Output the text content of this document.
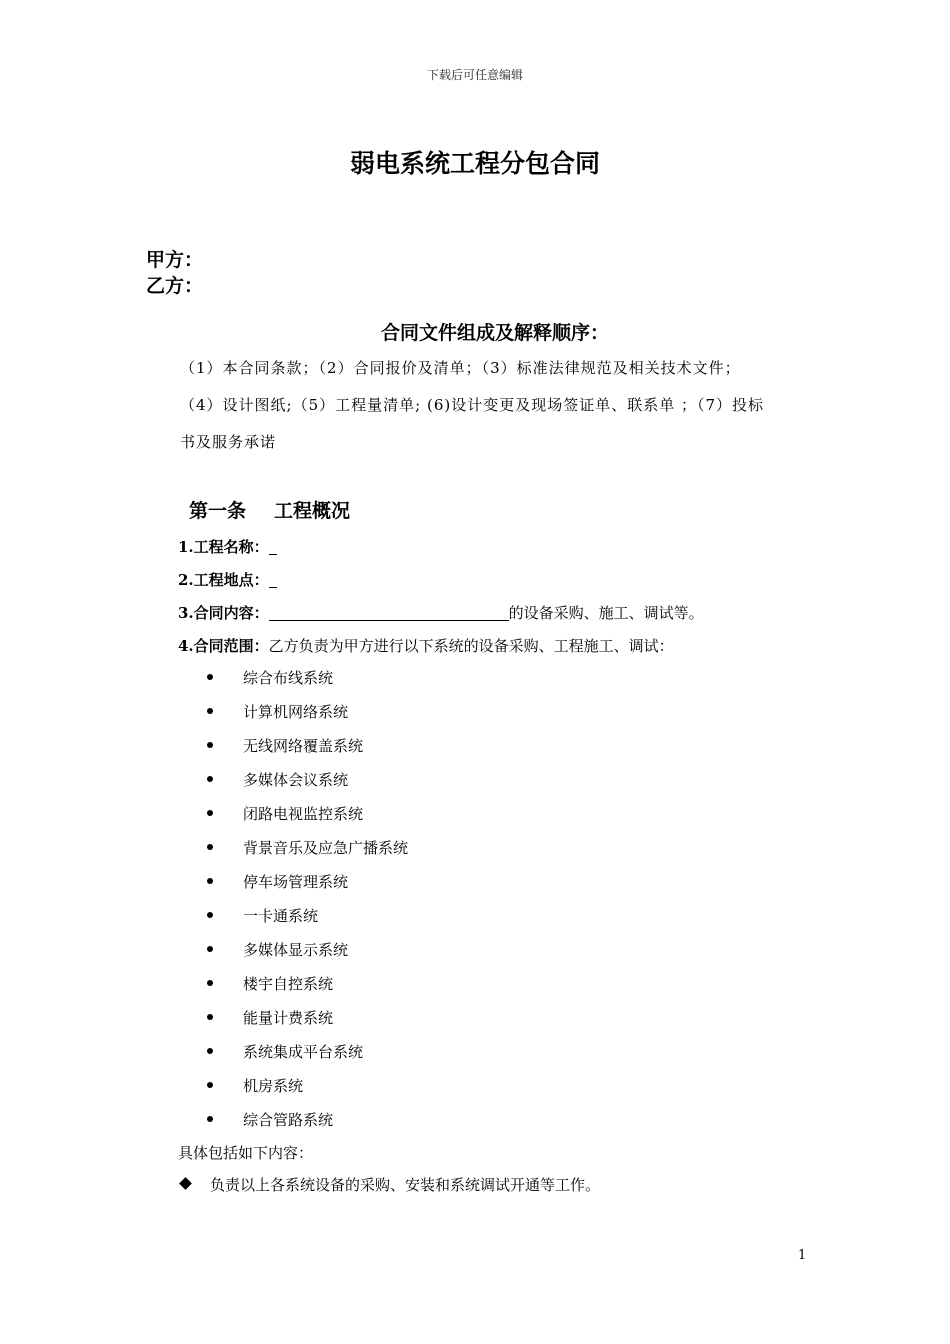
下载后可任意编辑
弱电系统工程分包合同
甲方：
乙方：
合同文件组成及解释顺序：
（1）本合同条款；（2）合同报价及清单；（3）标准法律规范及相关技术文件；
（4）设计图纸;（5）工程量清单; (6)设计变更及现场签证单、联系单 ；（7）投标
书及服务承诺
第一条 工程概况
1.工程名称：
2.工程地点：
3.合同内容：	的设备采购、施工、调试等。
4.合同范围：乙方负责为甲方进行以下系统的设备采购、工程施工、调试：
综合布线系统
计算机网络系统
无线网络覆盖系统
多媒体会议系统
闭路电视监控系统
背景音乐及应急广播系统
停车场管理系统
一卡通系统
多媒体显示系统
楼宇自控系统
能量计费系统
系统集成平台系统
机房系统
综合管路系统
具体包括如下内容：
负责以上各系统设备的采购、安装和系统调试开通等工作。
1
